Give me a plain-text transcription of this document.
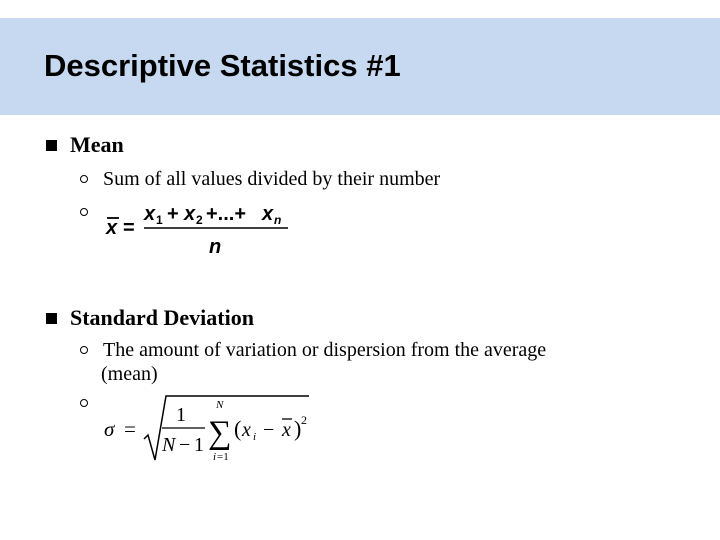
Descriptive Statistics #1
Mean
Sum of all values divided by their number
x =
x 1 + x 2 +...+ x n
n
Standard Deviation
The amount of variation or dispersion from the average
(mean)
σ =
1
N − 1
N
∑
i =1
( x i − x ) 2
